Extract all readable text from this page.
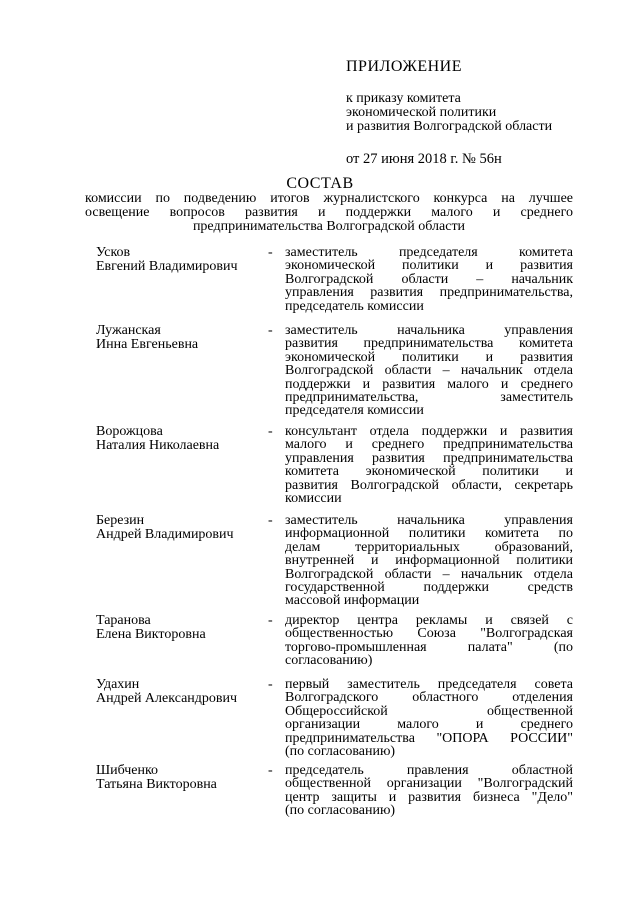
ПРИЛОЖЕНИЕ
к приказу комитета
экономической политики
и развития Волгоградской области
от 27 июня 2018 г. № 56н
СОСТАВ
комиссии по подведению итогов журналистского конкурса на лучшее
освещение вопросов развития и поддержки малого и среднего
предпринимательства Волгоградской области
Усков
Евгений Владимирович
- заместитель председателя комитета
экономической политики и развития
Волгоградской области – начальник
управления развития предпринимательства,
председатель комиссии
Лужанская
Инна Евгеньевна
- заместитель начальника управления
развития предпринимательства комитета
экономической политики и развития
Волгоградской области – начальник отдела
поддержки и развития малого и среднего
предпринимательства, заместитель
председателя комиссии
Ворожцова
Наталия Николаевна
- консультант отдела поддержки и развития
малого и среднего предпринимательства
управления развития предпринимательства
комитета экономической политики и
развития Волгоградской области, секретарь
комиссии
Березин
Андрей Владимирович
- заместитель начальника управления
информационной политики комитета по
делам территориальных образований,
внутренней и информационной политики
Волгоградской области – начальник отдела
государственной поддержки средств
массовой информации
Таранова
Елена Викторовна
- директор центра рекламы и связей с
общественностью Союза "Волгоградская
торгово-промышленная палата" (по
согласованию)
Удахин
Андрей Александрович
- первый заместитель председателя совета
Волгоградского областного отделения
Общероссийской общественной
организации малого и среднего
предпринимательства "ОПОРА РОССИИ"
(по согласованию)
Шибченко
Татьяна Викторовна
- председатель правления областной
общественной организации "Волгоградский
центр защиты и развития бизнеса "Дело"
(по согласованию)
